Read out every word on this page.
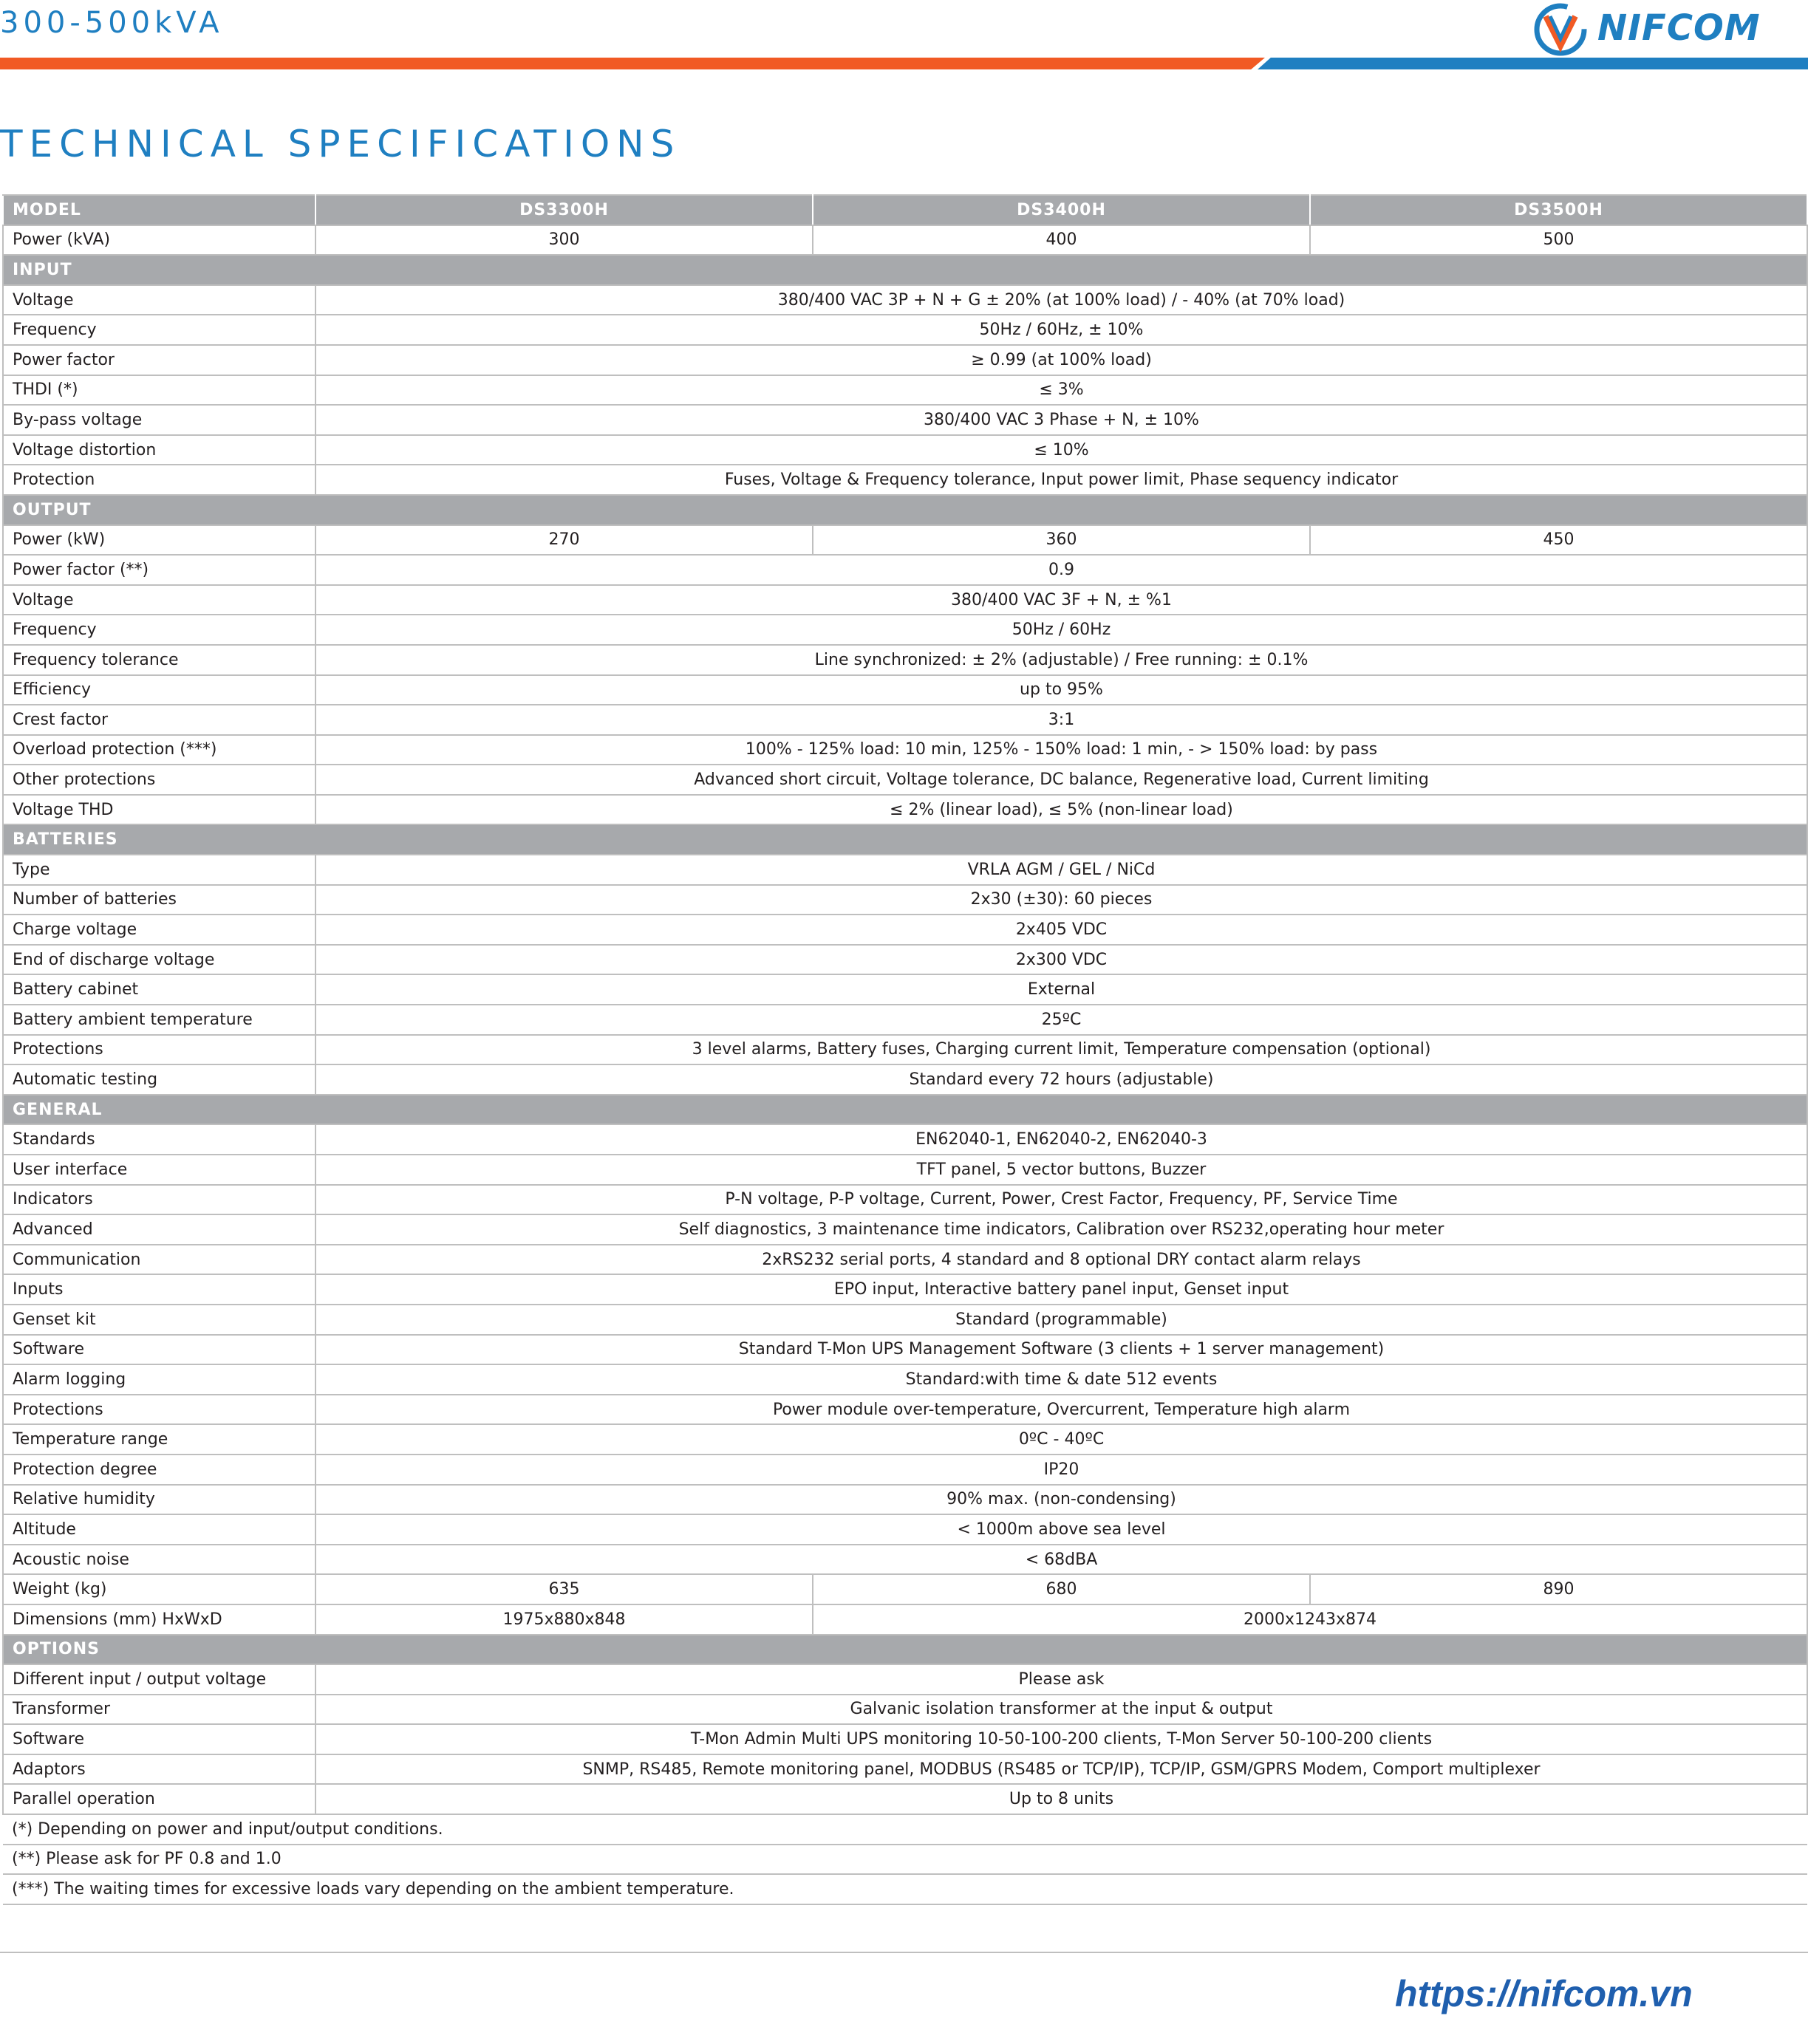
300-500kVA	NIFCOM
TECHNICAL SPECIFICATIONS
MODEL	DS3300H	DS3400H	DS3500H
Power (kVA)	300	400	500
INPUT			
Voltage	380/400 VAC 3P + N + G ± 20% (at 100% load) / - 40% (at 70% load)		
Frequency	50Hz / 60Hz, ± 10%		
Power factor	≥ 0.99 (at 100% load)		
THDI (*)	≤ 3%		
By-pass voltage	380/400 VAC 3 Phase + N, ± 10%		
Voltage distortion	≤ 10%		
Protection	Fuses, Voltage & Frequency tolerance, Input power limit, Phase sequency indicator		
OUTPUT			
Power (kW)	270	360	450
Power factor (**)	0.9		
Voltage	380/400 VAC 3F + N, ± %1		
Frequency	50Hz / 60Hz		
Frequency tolerance	Line synchronized: ± 2% (adjustable) / Free running: ± 0.1%		
Efficiency	up to 95%		
Crest factor	3:1		
Overload protection (***)	100% - 125% load: 10 min, 125% - 150% load: 1 min, - > 150% load: by pass		
Other protections	Advanced short circuit, Voltage tolerance, DC balance, Regenerative load, Current limiting		
Voltage THD	≤ 2% (linear load), ≤ 5% (non-linear load)		
BATTERIES			
Type	VRLA AGM / GEL / NiCd		
Number of batteries	2x30 (±30): 60 pieces		
Charge voltage	2x405 VDC		
End of discharge voltage	2x300 VDC		
Battery cabinet	External		
Battery ambient temperature	25ºC		
Protections	3 level alarms, Battery fuses, Charging current limit, Temperature compensation (optional)		
Automatic testing	Standard every 72 hours (adjustable)		
GENERAL			
Standards	EN62040-1, EN62040-2, EN62040-3		
User interface	TFT panel, 5 vector buttons, Buzzer		
Indicators	P-N voltage, P-P voltage, Current, Power, Crest Factor, Frequency, PF, Service Time		
Advanced	Self diagnostics, 3 maintenance time indicators, Calibration over RS232,operating hour meter		
Communication	2xRS232 serial ports, 4 standard and 8 optional DRY contact alarm relays		
Inputs	EPO input, Interactive battery panel input, Genset input		
Genset kit	Standard (programmable)		
Software	Standard T-Mon UPS Management Software (3 clients + 1 server management)		
Alarm logging	Standard:with time & date 512 events		
Protections	Power module over-temperature, Overcurrent, Temperature high alarm		
Temperature range	0ºC - 40ºC		
Protection degree	IP20		
Relative humidity	90% max. (non-condensing)		
Altitude	< 1000m above sea level		
Acoustic noise	< 68dBA		
Weight (kg)	635	680	890
Dimensions (mm) HxWxD	1975x880x848	2000x1243x874	
OPTIONS			
Different input / output voltage	Please ask		
Transformer	Galvanic isolation transformer at the input & output		
Software	T-Mon Admin Multi UPS monitoring 10-50-100-200 clients, T-Mon Server 50-100-200 clients		
Adaptors	SNMP, RS485, Remote monitoring panel, MODBUS (RS485 or TCP/IP), TCP/IP, GSM/GPRS Modem, Comport multiplexer		
Parallel operation	Up to 8 units		
(*) Depending on power and input/output conditions.			
(**) Please ask for PF 0.8 and 1.0			
(***) The waiting times for excessive loads vary depending on the ambient temperature.			
https://nifcom.vn
